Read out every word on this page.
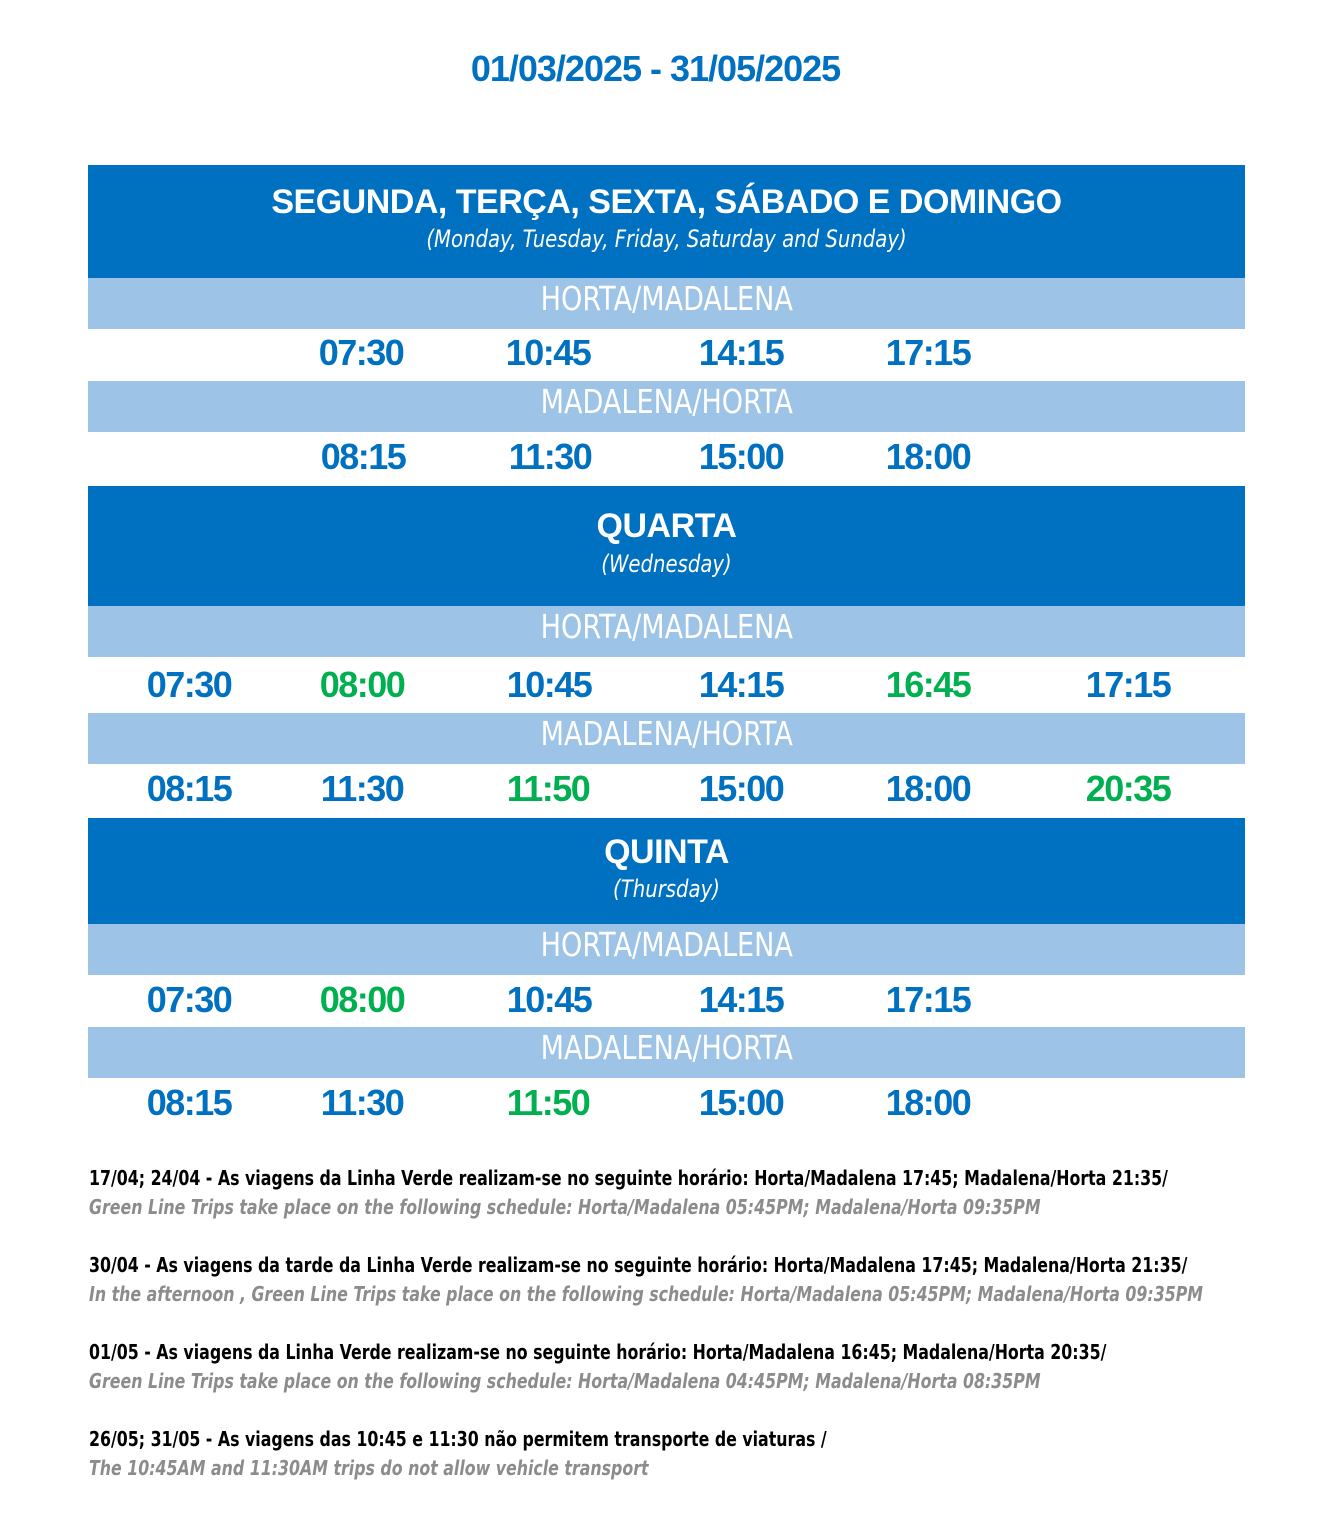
01/03/2025 - 31/05/2025
SEGUNDA, TERÇA, SEXTA, SÁBADO E DOMINGO
(Monday, Tuesday, Friday, Saturday and Sunday)
HORTA/MADALENA
07:30	10:45	14:15	17:15
MADALENA/HORTA
08:15	11:30	15:00	18:00
QUARTA
(Wednesday)
HORTA/MADALENA
07:30	08:00	10:45	14:15	16:45	17:15
MADALENA/HORTA
08:15	11:30	11:50	15:00	18:00	20:35
QUINTA
(Thursday)
HORTA/MADALENA
07:30	08:00	10:45	14:15	17:15
MADALENA/HORTA
08:15	11:30	11:50	15:00	18:00
17/04; 24/04 - As viagens da Linha Verde realizam-se no seguinte horário: Horta/Madalena 17:45; Madalena/Horta 21:35/
Green Line Trips take place on the following schedule: Horta/Madalena 05:45PM; Madalena/Horta 09:35PM
30/04 - As viagens da tarde da Linha Verde realizam-se no seguinte horário: Horta/Madalena 17:45; Madalena/Horta 21:35/
In the afternoon , Green Line Trips take place on the following schedule: Horta/Madalena 05:45PM; Madalena/Horta 09:35PM
01/05 - As viagens da Linha Verde realizam-se no seguinte horário: Horta/Madalena 16:45; Madalena/Horta 20:35/
Green Line Trips take place on the following schedule: Horta/Madalena 04:45PM; Madalena/Horta 08:35PM
26/05; 31/05 - As viagens das 10:45 e 11:30 não permitem transporte de viaturas /
The 10:45AM and 11:30AM trips do not allow vehicle transport
